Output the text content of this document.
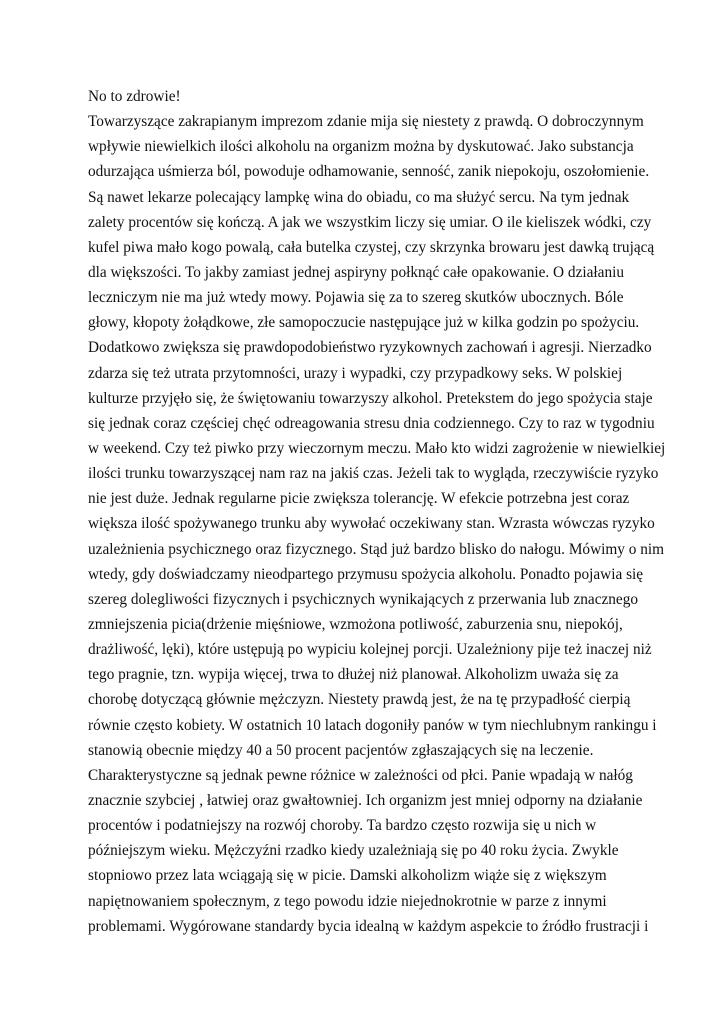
No to zdrowie!
Towarzyszące zakrapianym imprezom zdanie mija się niestety z prawdą. O dobroczynnym
wpływie niewielkich ilości alkoholu na organizm można by dyskutować. Jako substancja
odurzająca uśmierza ból, powoduje odhamowanie, senność, zanik niepokoju, oszołomienie.
Są nawet lekarze polecający lampkę wina do obiadu, co ma służyć sercu. Na tym jednak
zalety procentów się kończą. A jak we wszystkim liczy się umiar. O ile kieliszek wódki, czy
kufel piwa mało kogo powalą, cała butelka czystej, czy skrzynka browaru jest dawką trującą
dla większości. To jakby zamiast jednej aspiryny połknąć całe opakowanie. O działaniu
leczniczym nie ma już wtedy mowy. Pojawia się za to szereg skutków ubocznych. Bóle
głowy, kłopoty żołądkowe, złe samopoczucie następujące już w kilka godzin po spożyciu.
Dodatkowo zwiększa się prawdopodobieństwo ryzykownych zachowań i agresji. Nierzadko
zdarza się też utrata przytomności, urazy i wypadki, czy przypadkowy seks. W polskiej
kulturze przyjęło się, że świętowaniu towarzyszy alkohol. Pretekstem do jego spożycia staje
się jednak coraz częściej chęć odreagowania stresu dnia codziennego. Czy to raz w tygodniu
w weekend. Czy też piwko przy wieczornym meczu. Mało kto widzi zagrożenie w niewielkiej
ilości trunku towarzyszącej nam raz na jakiś czas. Jeżeli tak to wygląda, rzeczywiście ryzyko
nie jest duże. Jednak regularne picie zwiększa tolerancję. W efekcie potrzebna jest coraz
większa ilość spożywanego trunku aby wywołać oczekiwany stan. Wzrasta wówczas ryzyko
uzależnienia psychicznego oraz fizycznego. Stąd już bardzo blisko do nałogu. Mówimy o nim
wtedy, gdy doświadczamy nieodpartego przymusu spożycia alkoholu. Ponadto pojawia się
szereg dolegliwości fizycznych i psychicznych wynikających z przerwania lub znacznego
zmniejszenia picia(drżenie mięśniowe, wzmożona potliwość, zaburzenia snu, niepokój,
drażliwość, lęki), które ustępują po wypiciu kolejnej porcji. Uzależniony pije też inaczej niż
tego pragnie, tzn. wypija więcej, trwa to dłużej niż planował. Alkoholizm uważa się za
chorobę dotyczącą głównie mężczyzn. Niestety prawdą jest, że na tę przypadłość cierpią
równie często kobiety. W ostatnich 10 latach dogoniły panów w tym niechlubnym rankingu i
stanowią obecnie między 40 a 50 procent pacjentów zgłaszających się na leczenie.
Charakterystyczne są jednak pewne różnice w zależności od płci. Panie wpadają w nałóg
znacznie szybciej , łatwiej oraz gwałtowniej. Ich organizm jest mniej odporny na działanie
procentów i podatniejszy na rozwój choroby. Ta bardzo często rozwija się u nich w
późniejszym wieku. Mężczyźni rzadko kiedy uzależniają się po 40 roku życia. Zwykle
stopniowo przez lata wciągają się w picie. Damski alkoholizm wiąże się z większym
napiętnowaniem społecznym, z tego powodu idzie niejednokrotnie w parze z innymi
problemami. Wygórowane standardy bycia idealną w każdym aspekcie to źródło frustracji i
